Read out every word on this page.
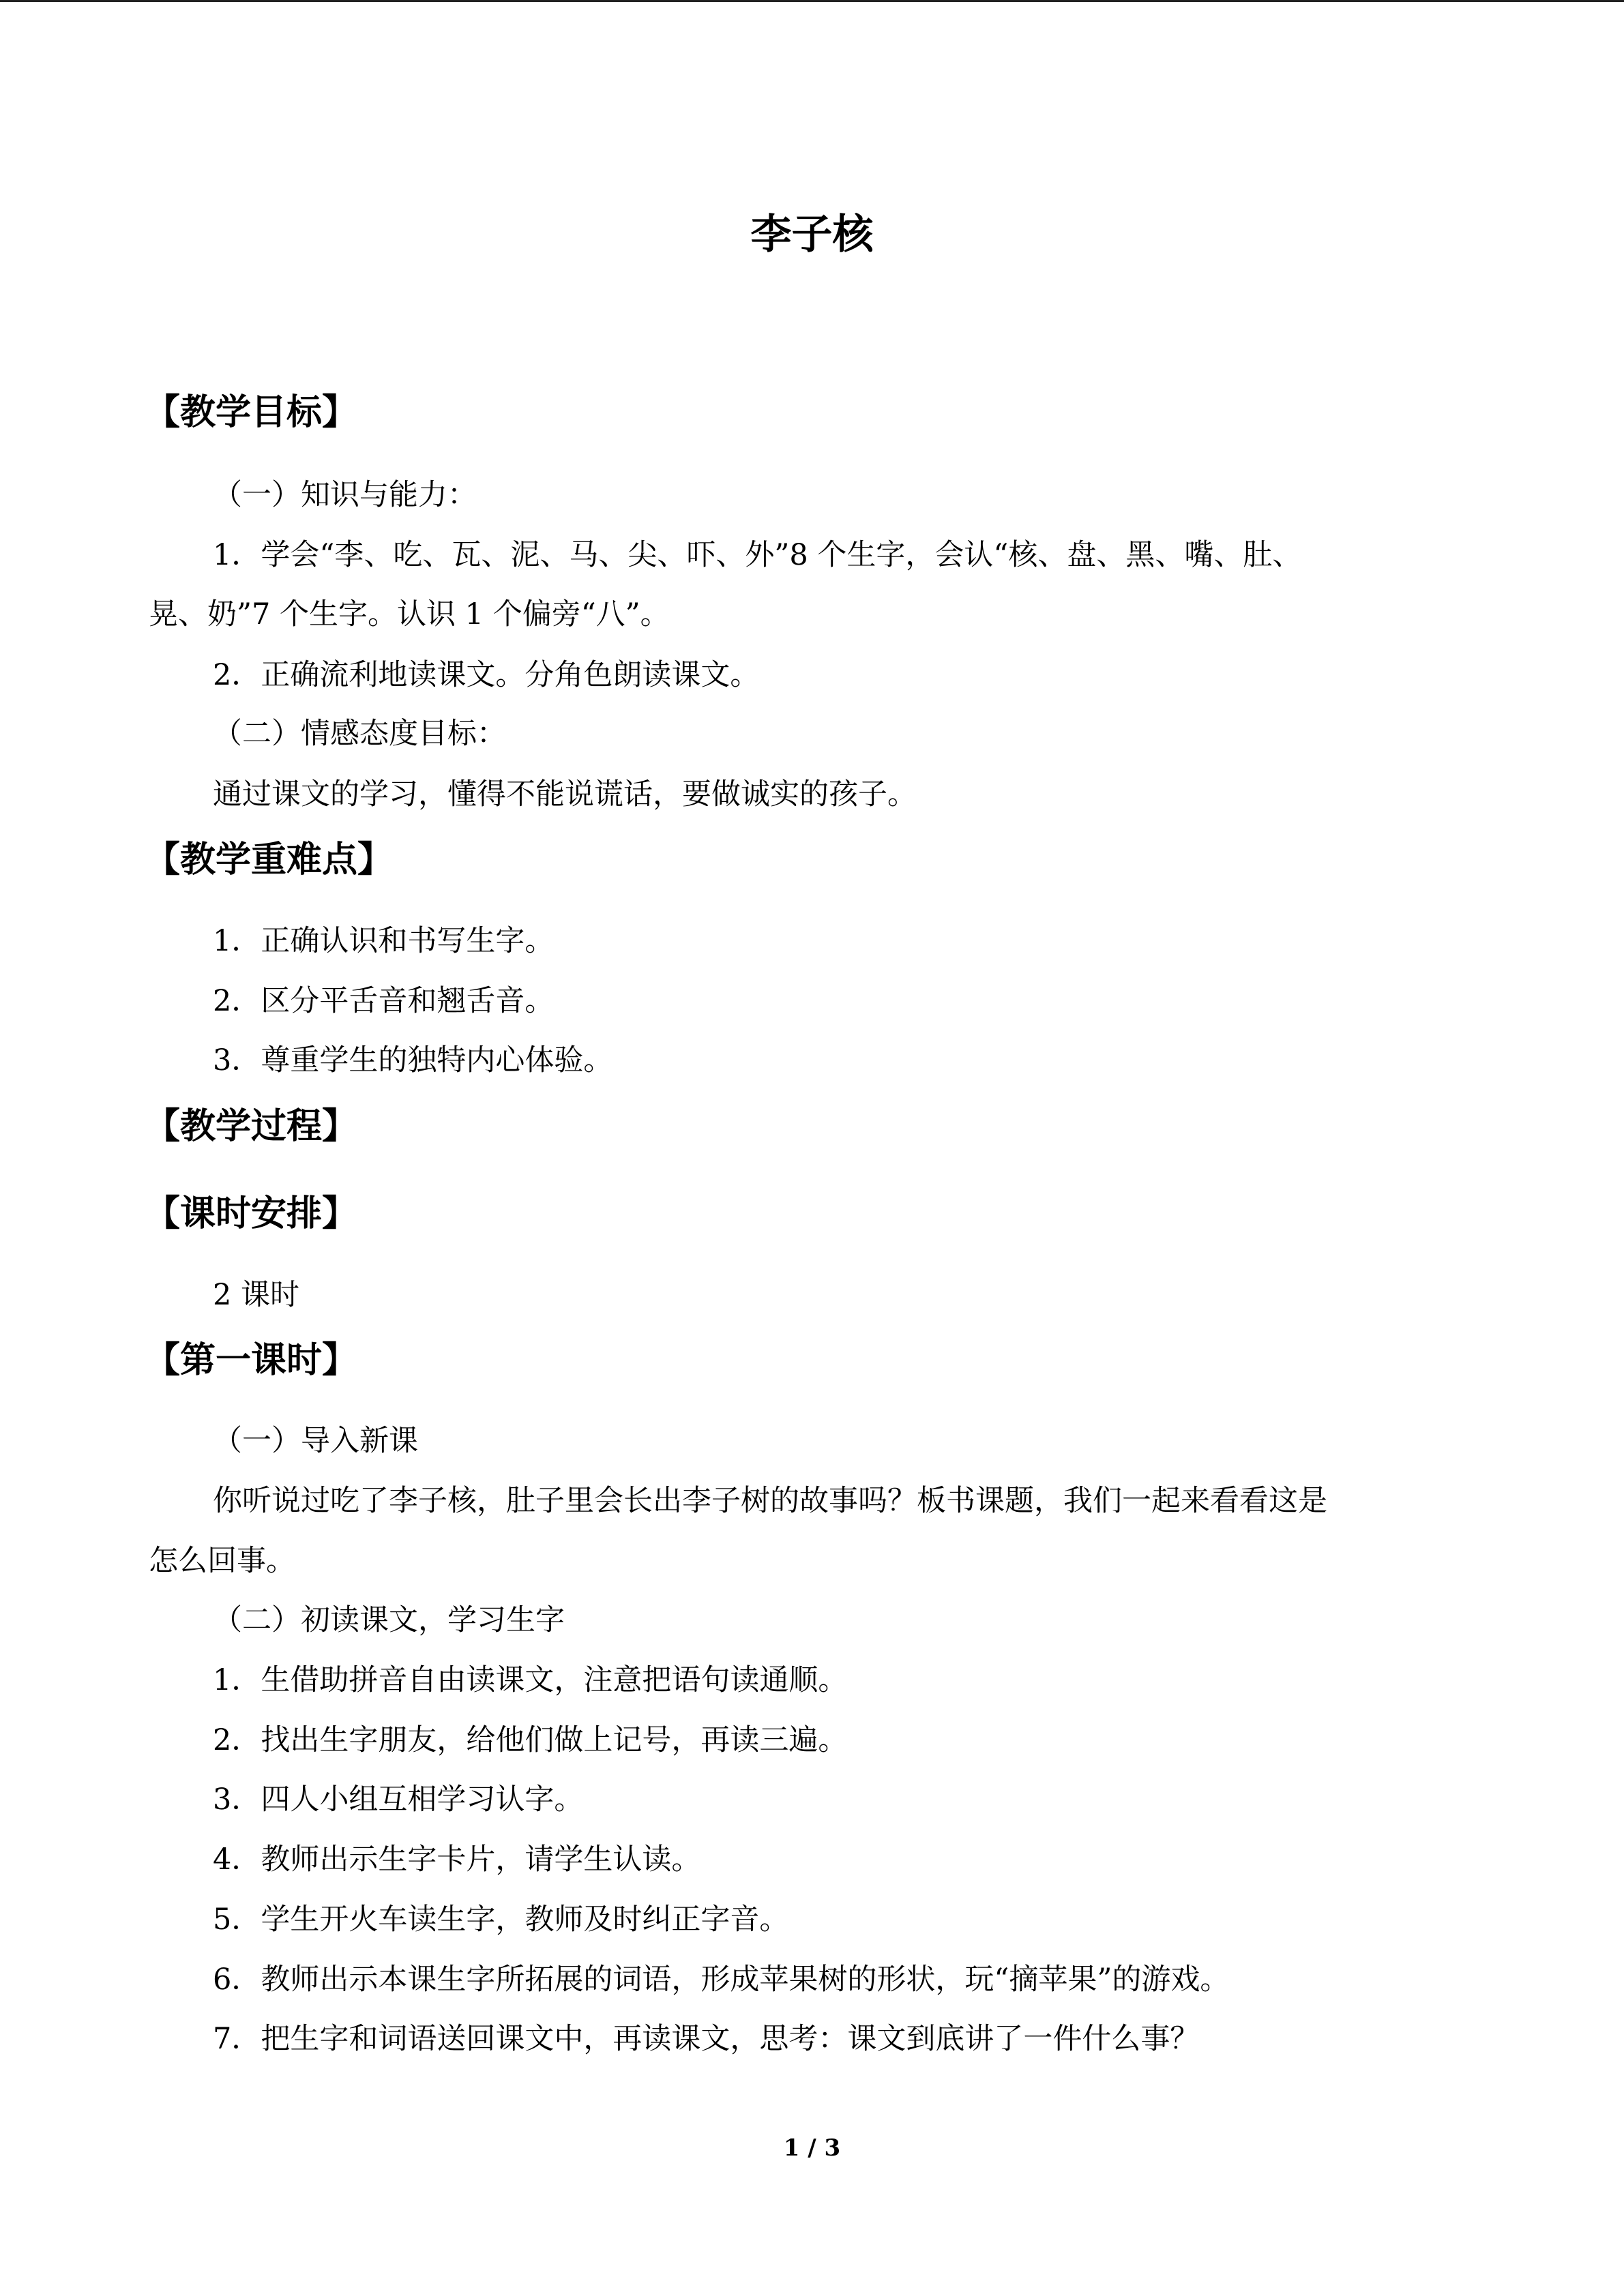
李子核
【教学目标】

（一）知识与能力：

1．学会“李、吃、瓦、泥、马、尖、吓、外”8 个生字，会认“核、盘、黑、嘴、肚、

晃、奶”7 个生字。认识 1 个偏旁“八”。

2．正确流利地读课文。分角色朗读课文。

（二）情感态度目标：

通过课文的学习，懂得不能说谎话，要做诚实的孩子。

【教学重难点】

1．正确认识和书写生字。

2．区分平舌音和翘舌音。

3．尊重学生的独特内心体验。

【教学过程】
【课时安排】

2 课时

【第一课时】

（一）导入新课

你听说过吃了李子核，肚子里会长出李子树的故事吗？板书课题，我们一起来看看这是

怎么回事。

（二）初读课文，学习生字

1．生借助拼音自由读课文，注意把语句读通顺。

2．找出生字朋友，给他们做上记号，再读三遍。

3．四人小组互相学习认字。

4．教师出示生字卡片，请学生认读。

5．学生开火车读生字，教师及时纠正字音。

6．教师出示本课生字所拓展的词语，形成苹果树的形状，玩“摘苹果”的游戏。

7．把生字和词语送回课文中，再读课文，思考：课文到底讲了一件什么事？

1 / 3
